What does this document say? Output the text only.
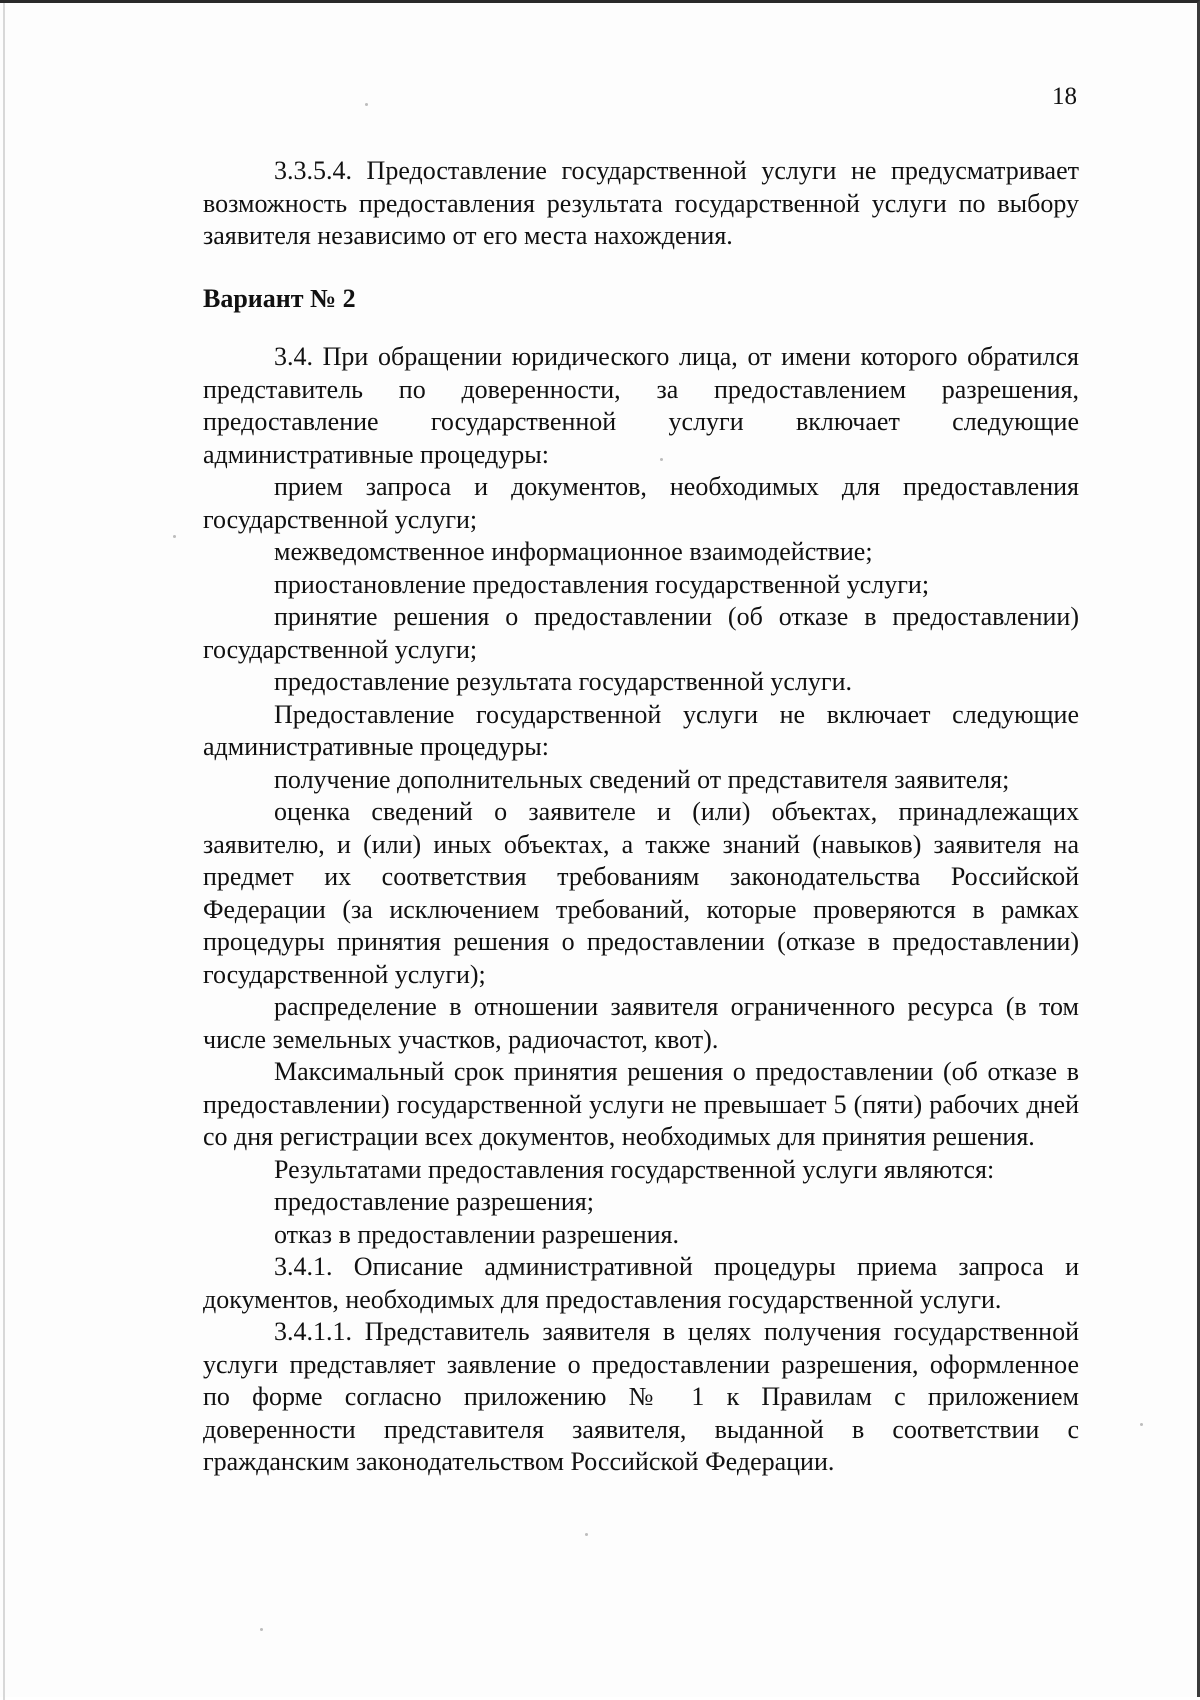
18

3.3.5.4. Предоставление государственной услуги не предусматривает возможность предоставления результата государственной услуги по выбору заявителя независимо от его места нахождения.

Вариант № 2

3.4. При обращении юридического лица, от имени которого обратился представитель по доверенности, за предоставлением разрешения, предоставление государственной услуги включает следующие административные процедуры:

прием запроса и документов, необходимых для предоставления государственной услуги;

межведомственное информационное взаимодействие;

приостановление предоставления государственной услуги;

принятие решения о предоставлении (об отказе в предоставлении) государственной услуги;

предоставление результата государственной услуги.

Предоставление государственной услуги не включает следующие административные процедуры:

получение дополнительных сведений от представителя заявителя;

оценка сведений о заявителе и (или) объектах, принадлежащих заявителю, и (или) иных объектах, а также знаний (навыков) заявителя на предмет их соответствия требованиям законодательства Российской Федерации (за исключением требований, которые проверяются в рамках процедуры принятия решения о предоставлении (отказе в предоставлении) государственной услуги);

распределение в отношении заявителя ограниченного ресурса (в том числе земельных участков, радиочастот, квот).

Максимальный срок принятия решения о предоставлении (об отказе в предоставлении) государственной услуги не превышает 5 (пяти) рабочих дней со дня регистрации всех документов, необходимых для принятия решения.

Результатами предоставления государственной услуги являются:

предоставление разрешения;

отказ в предоставлении разрешения.

3.4.1. Описание административной процедуры приема запроса и документов, необходимых для предоставления государственной услуги.

3.4.1.1. Представитель заявителя в целях получения государственной услуги представляет заявление о предоставлении разрешения, оформленное по форме согласно приложению № 1 к Правилам с приложением доверенности представителя заявителя, выданной в соответствии с гражданским законодательством Российской Федерации.
